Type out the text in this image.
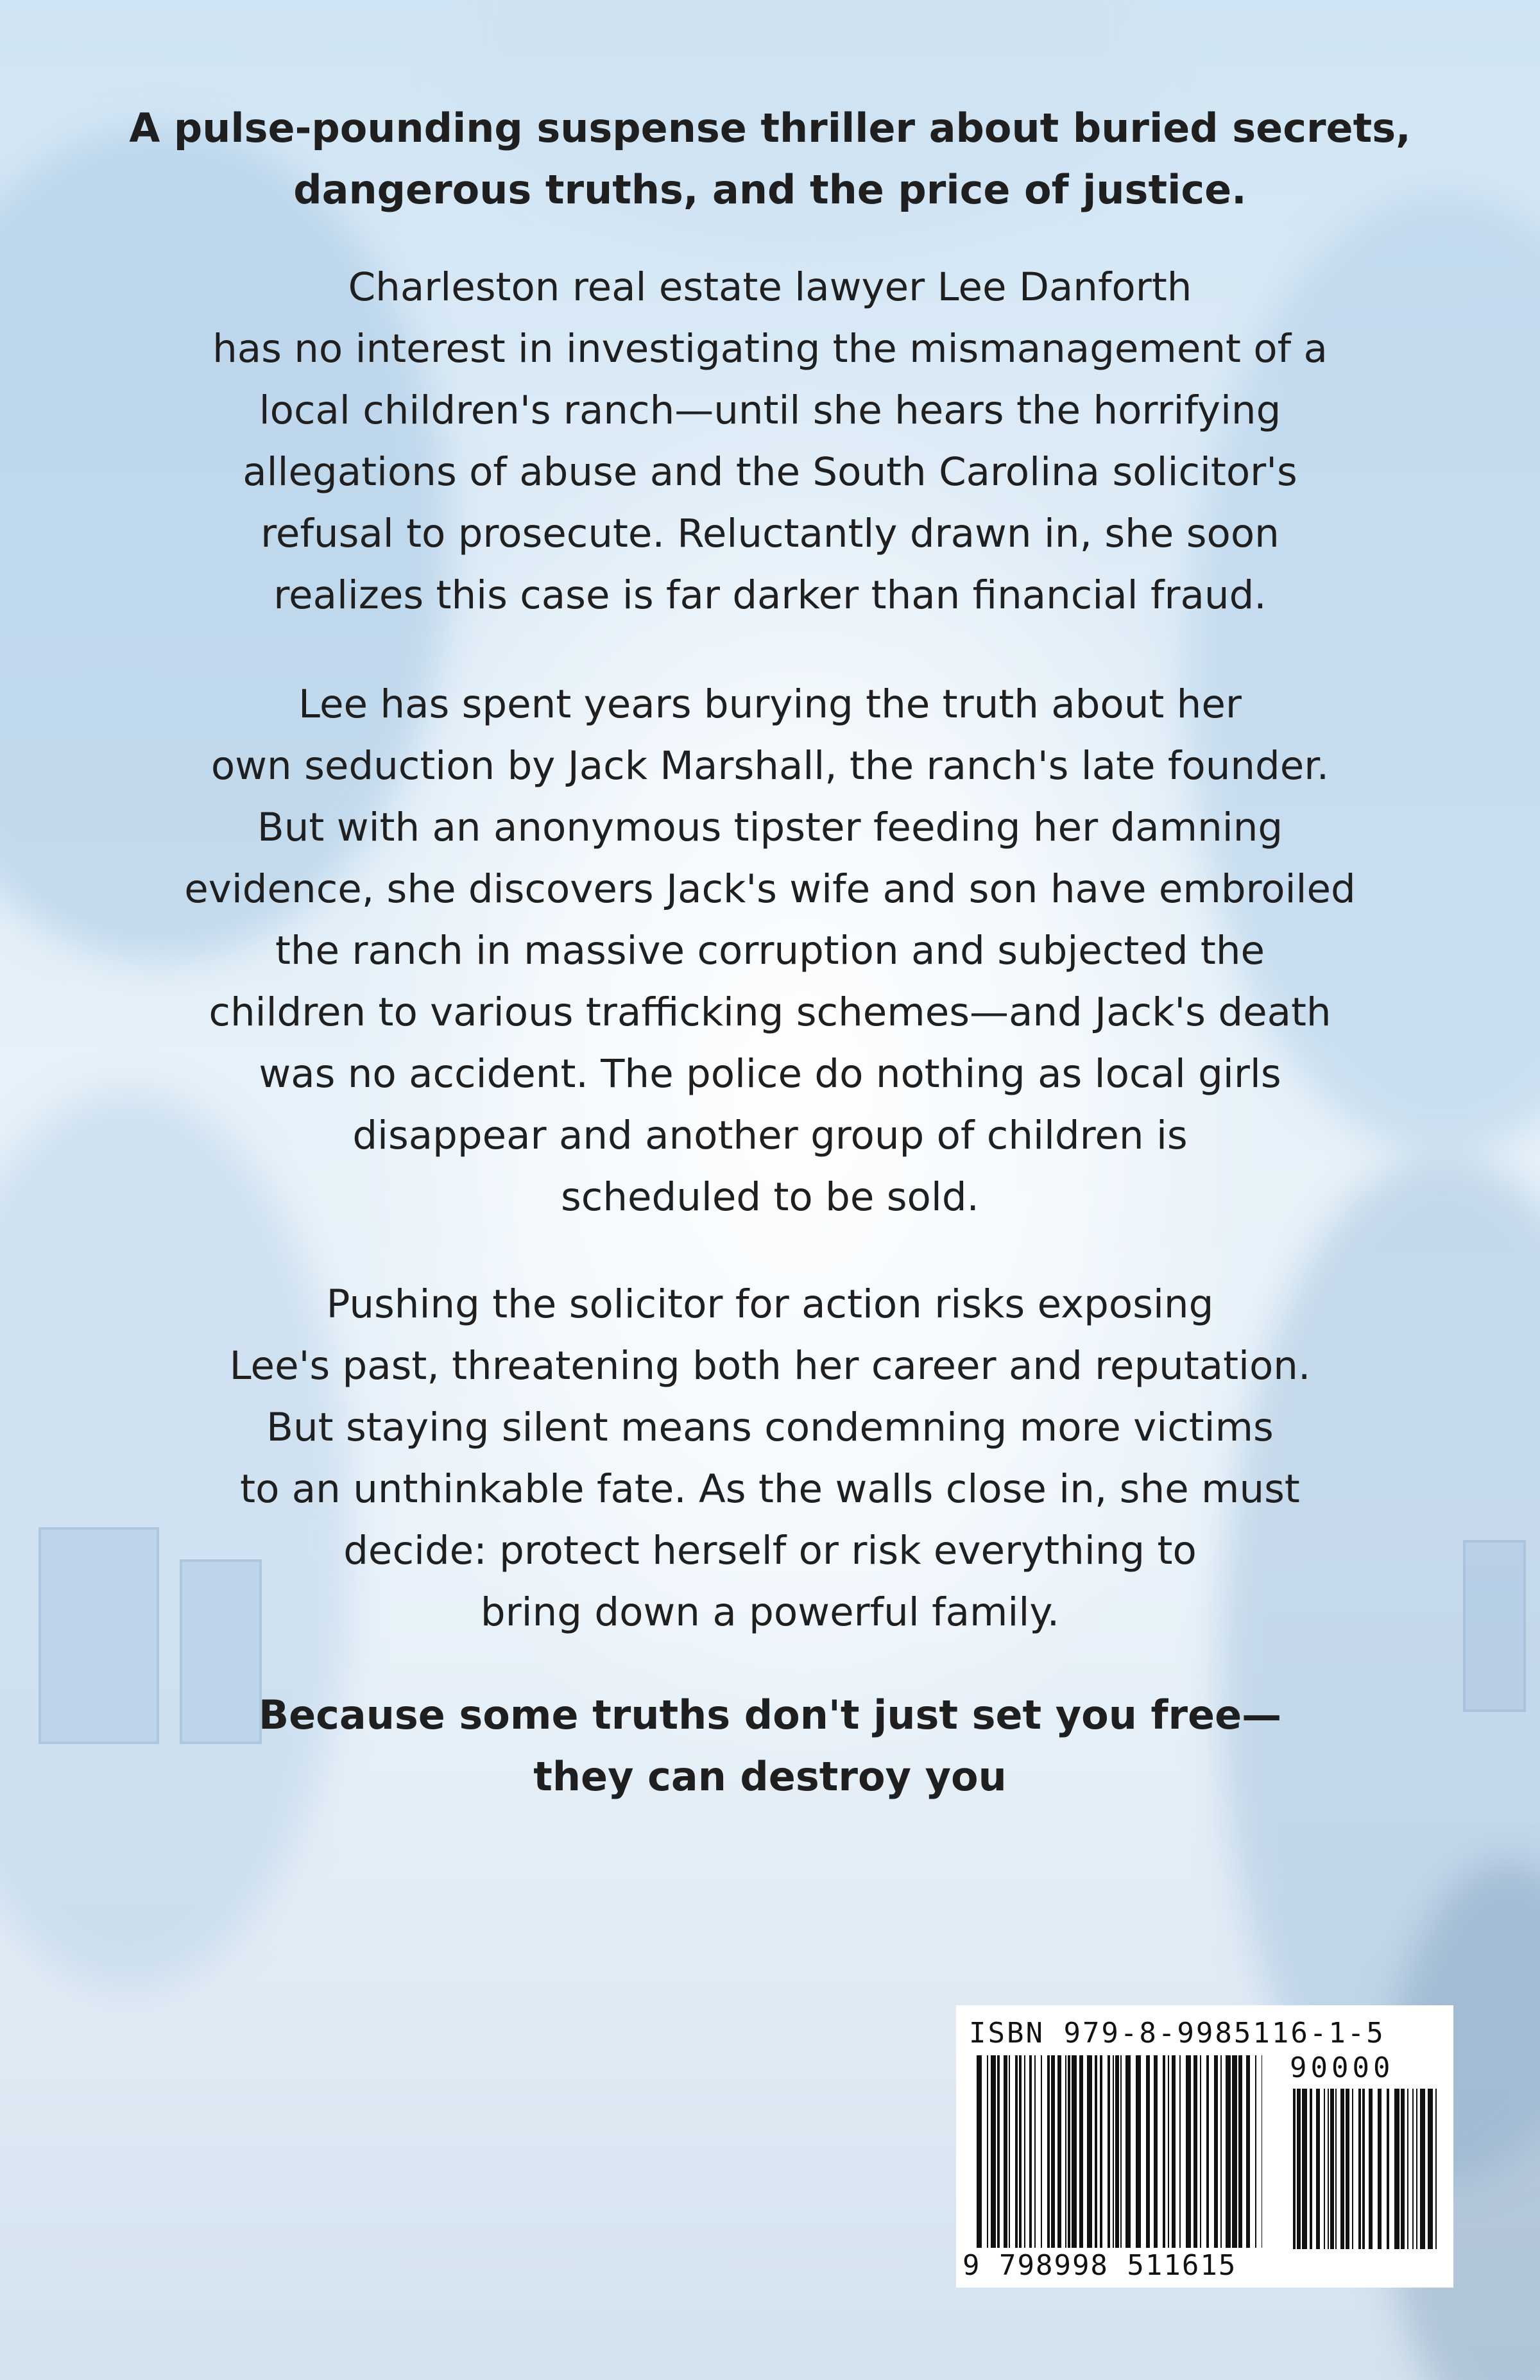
A pulse-pounding suspense thriller about buried secrets,
dangerous truths, and the price of justice.
Charleston real estate lawyer Lee Danforth
has no interest in investigating the mismanagement of a
local children's ranch—until she hears the horrifying
allegations of abuse and the South Carolina solicitor's
refusal to prosecute. Reluctantly drawn in, she soon
realizes this case is far darker than financial fraud.
Lee has spent years burying the truth about her
own seduction by Jack Marshall, the ranch's late founder.
But with an anonymous tipster feeding her damning
evidence, she discovers Jack's wife and son have embroiled
the ranch in massive corruption and subjected the
children to various trafficking schemes—and Jack's death
was no accident. The police do nothing as local girls
disappear and another group of children is
scheduled to be sold.
Pushing the solicitor for action risks exposing
Lee's past, threatening both her career and reputation.
But staying silent means condemning more victims
to an unthinkable fate. As the walls close in, she must
decide: protect herself or risk everything to
bring down a powerful family.
Because some truths don't just set you free—
they can destroy you
ISBN 979-8-9985116-1-5
90000
9 798998 511615
